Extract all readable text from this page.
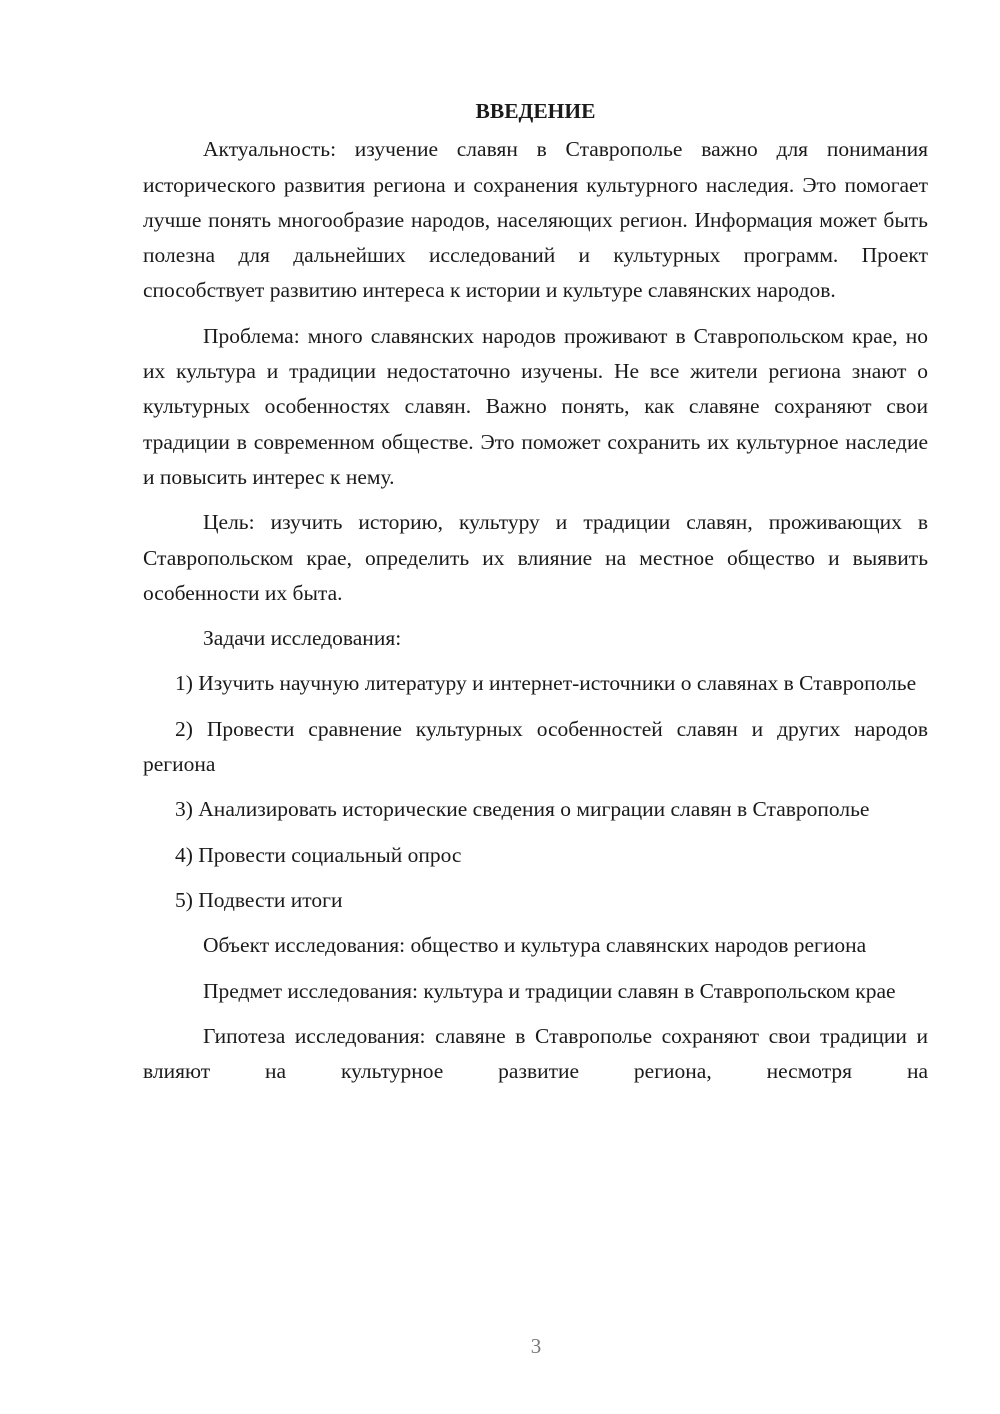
ВВЕДЕНИЕ

Актуальность: изучение славян в Ставрополье важно для понимания исторического развития региона и сохранения культурного наследия. Это помогает лучше понять многообразие народов, населяющих регион. Информация может быть полезна для дальнейших исследований и культурных программ. Проект способствует развитию интереса к истории и культуре славянских народов.

Проблема: много славянских народов проживают в Ставропольском крае, но их культура и традиции недостаточно изучены. Не все жители региона знают о культурных особенностях славян. Важно понять, как славяне сохраняют свои традиции в современном обществе. Это поможет сохранить их культурное наследие и повысить интерес к нему.

Цель: изучить историю, культуру и традиции славян, проживающих в Ставропольском крае, определить их влияние на местное общество и выявить особенности их быта.

Задачи исследования:

1) Изучить научную литературу и интернет-источники о славянах в Ставрополье

2) Провести сравнение культурных особенностей славян и других народов региона

3) Анализировать исторические сведения о миграции славян в Ставрополье

4) Провести социальный опрос

5) Подвести итоги

Объект исследования: общество и культура славянских народов региона

Предмет исследования: культура и традиции славян в Ставропольском крае

Гипотеза исследования: славяне в Ставрополье сохраняют свои традиции и влияют на культурное развитие региона, несмотря на

3
